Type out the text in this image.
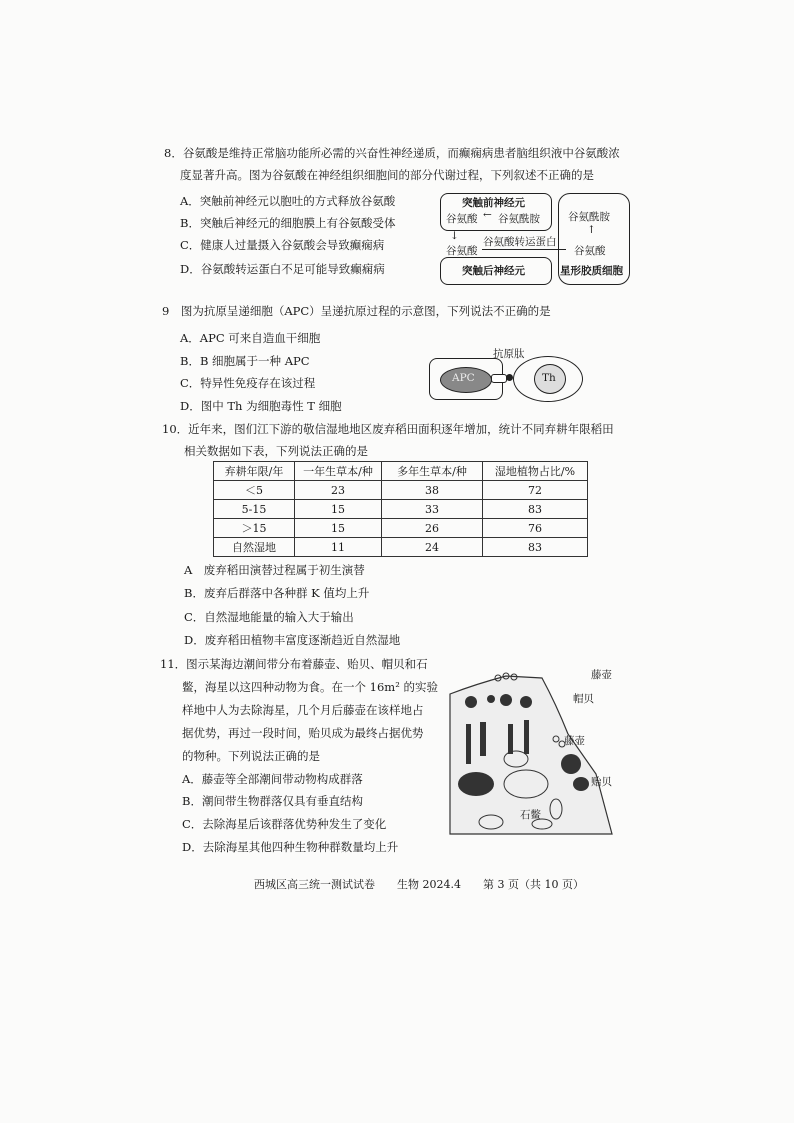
8．谷氨酸是维持正常脑功能所必需的兴奋性神经递质，而癫痫病患者脑组织液中谷氨酸浓
度显著升高。图为谷氨酸在神经组织细胞间的部分代谢过程，下列叙述不正确的是
A．突触前神经元以胞吐的方式释放谷氨酸
B．突触后神经元的细胞膜上有谷氨酸受体
C．健康人过量摄入谷氨酸会导致癫痫病
D．谷氨酸转运蛋白不足可能导致癫痫病
突触前神经元
谷氨酸 谷氨酰胺
←
↓
谷氨酸
谷氨酸转运蛋白
突触后神经元
谷氨酰胺
↑
谷氨酸
星形胶质细胞
9　图为抗原呈递细胞（APC）呈递抗原过程的示意图，下列说法不正确的是
A．APC 可来自造血干细胞
B．B 细胞属于一种 APC
C．特异性免疫存在该过程
D．图中 Th 为细胞毒性 T 细胞
抗原肽
APC	Th
10．近年来，图们江下游的敬信湿地地区废弃稻田面积逐年增加，统计不同弃耕年限稻田
相关数据如下表，下列说法正确的是
弃耕年限/年	一年生草本/种	多年生草本/种	湿地植物占比/%
＜5	23	38	72
5-15	15	33	83
＞15	15	26	76
自然湿地	11	24	83
A　废弃稻田演替过程属于初生演替
B．废弃后群落中各种群 K 值均上升
C．自然湿地能量的输入大于输出
D．废弃稻田植物丰富度逐渐趋近自然湿地
11．图示某海边潮间带分布着藤壶、贻贝、帽贝和石
鳖，海星以这四种动物为食。在一个 16m² 的实验
样地中人为去除海星，几个月后藤壶在该样地占
据优势，再过一段时间，贻贝成为最终占据优势
的物种。下列说法正确的是
A．藤壶等全部潮间带动物构成群落
B．潮间带生物群落仅具有垂直结构
C．去除海星后该群落优势种发生了变化
D．去除海星其他四种生物种群数量均上升
藤壶
帽贝
藤壶
贻贝
石鳖
西城区高三统一测试试卷　　生物 2024.4　　第 3 页（共 10 页）
